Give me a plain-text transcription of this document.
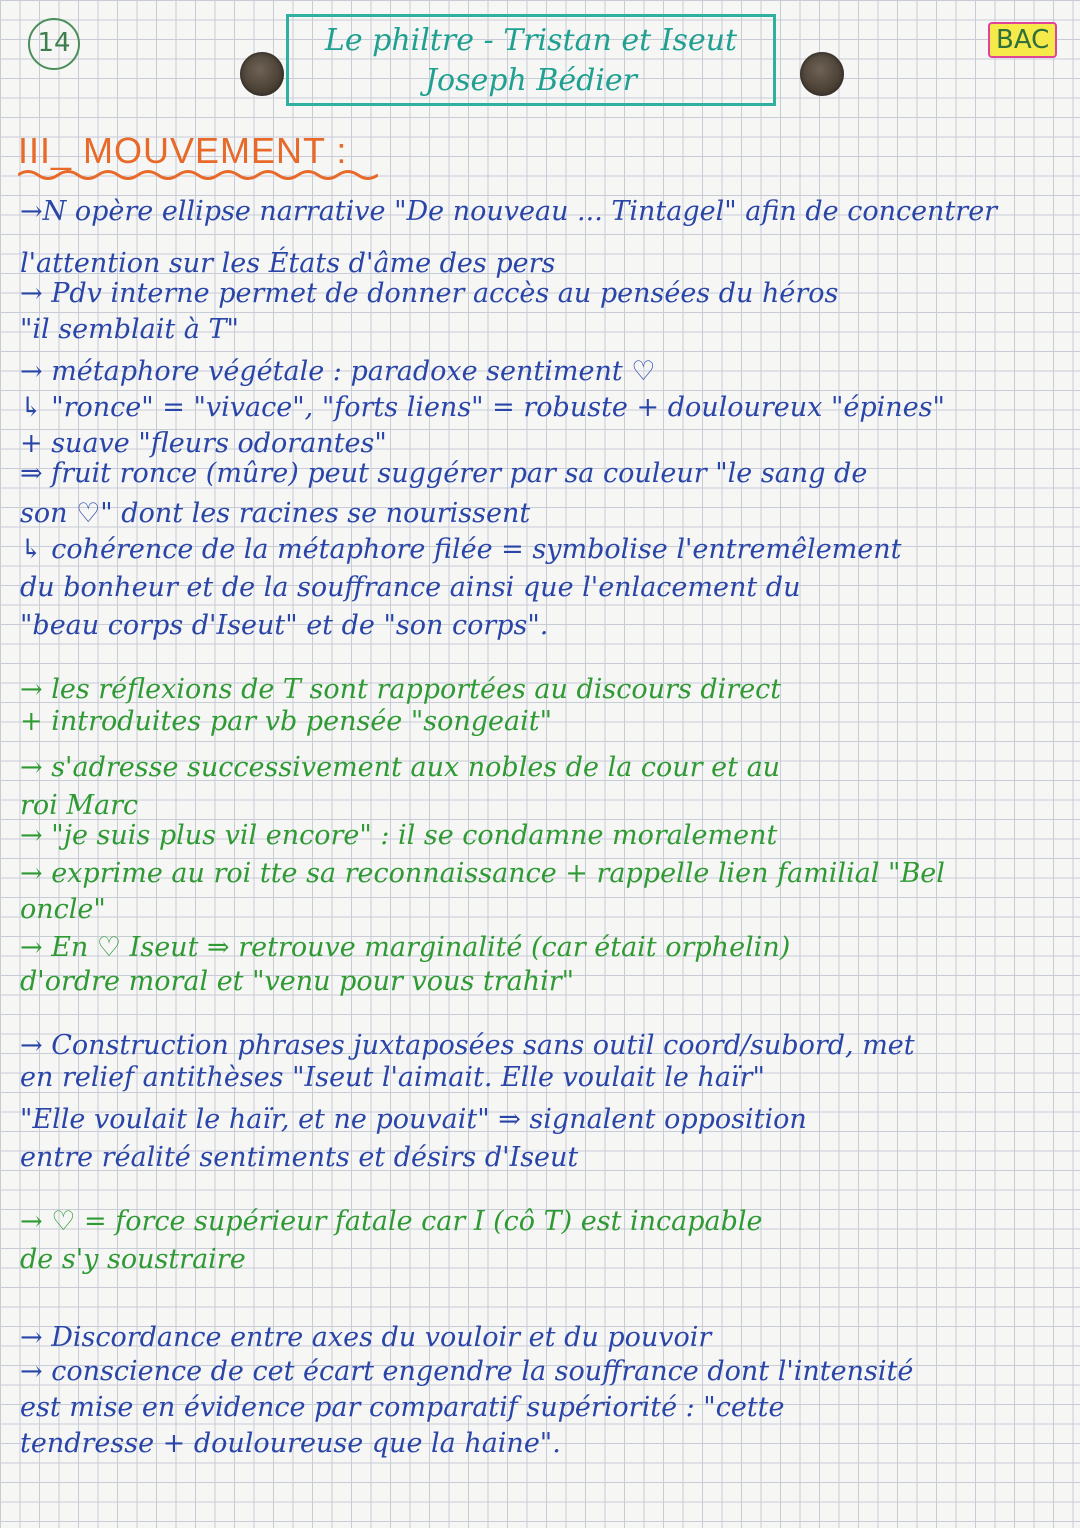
14	BAC
Le philtre - Tristan et Iseut
Joseph Bédier
III_ MOUVEMENT :
→N opère ellipse narrative "De nouveau ... Tintagel" afin de concentrer
l'attention sur les États d'âme des pers
→ Pdv interne permet de donner accès au pensées du héros
"il semblait à T"
→ métaphore végétale : paradoxe sentiment ♡
↳ "ronce" = "vivace", "forts liens" = robuste + douloureux "épines"
+ suave "fleurs odorantes"
⇒ fruit ronce (mûre) peut suggérer par sa couleur "le sang de
son ♡" dont les racines se nourissent
↳ cohérence de la métaphore filée = symbolise l'entremêlement
du bonheur et de la souffrance ainsi que l'enlacement du
"beau corps d'Iseut" et de "son corps".
→ les réflexions de T sont rapportées au discours direct
+ introduites par vb pensée "songeait"
→ s'adresse successivement aux nobles de la cour et au
roi Marc
→ "je suis plus vil encore" : il se condamne moralement
→ exprime au roi tte sa reconnaissance + rappelle lien familial "Bel
oncle"
→ En ♡ Iseut ⇒ retrouve marginalité (car était orphelin)
d'ordre moral et "venu pour vous trahir"
→ Construction phrases juxtaposées sans outil coord/subord, met
en relief antithèses "Iseut l'aimait. Elle voulait le haïr"
"Elle voulait le haïr, et ne pouvait" ⇒ signalent opposition
entre réalité sentiments et désirs d'Iseut
→ ♡ = force supérieur fatale car I (cô T) est incapable
de s'y soustraire
→ Discordance entre axes du vouloir et du pouvoir
→ conscience de cet écart engendre la souffrance dont l'intensité
est mise en évidence par comparatif supériorité : "cette
tendresse + douloureuse que la haine".
